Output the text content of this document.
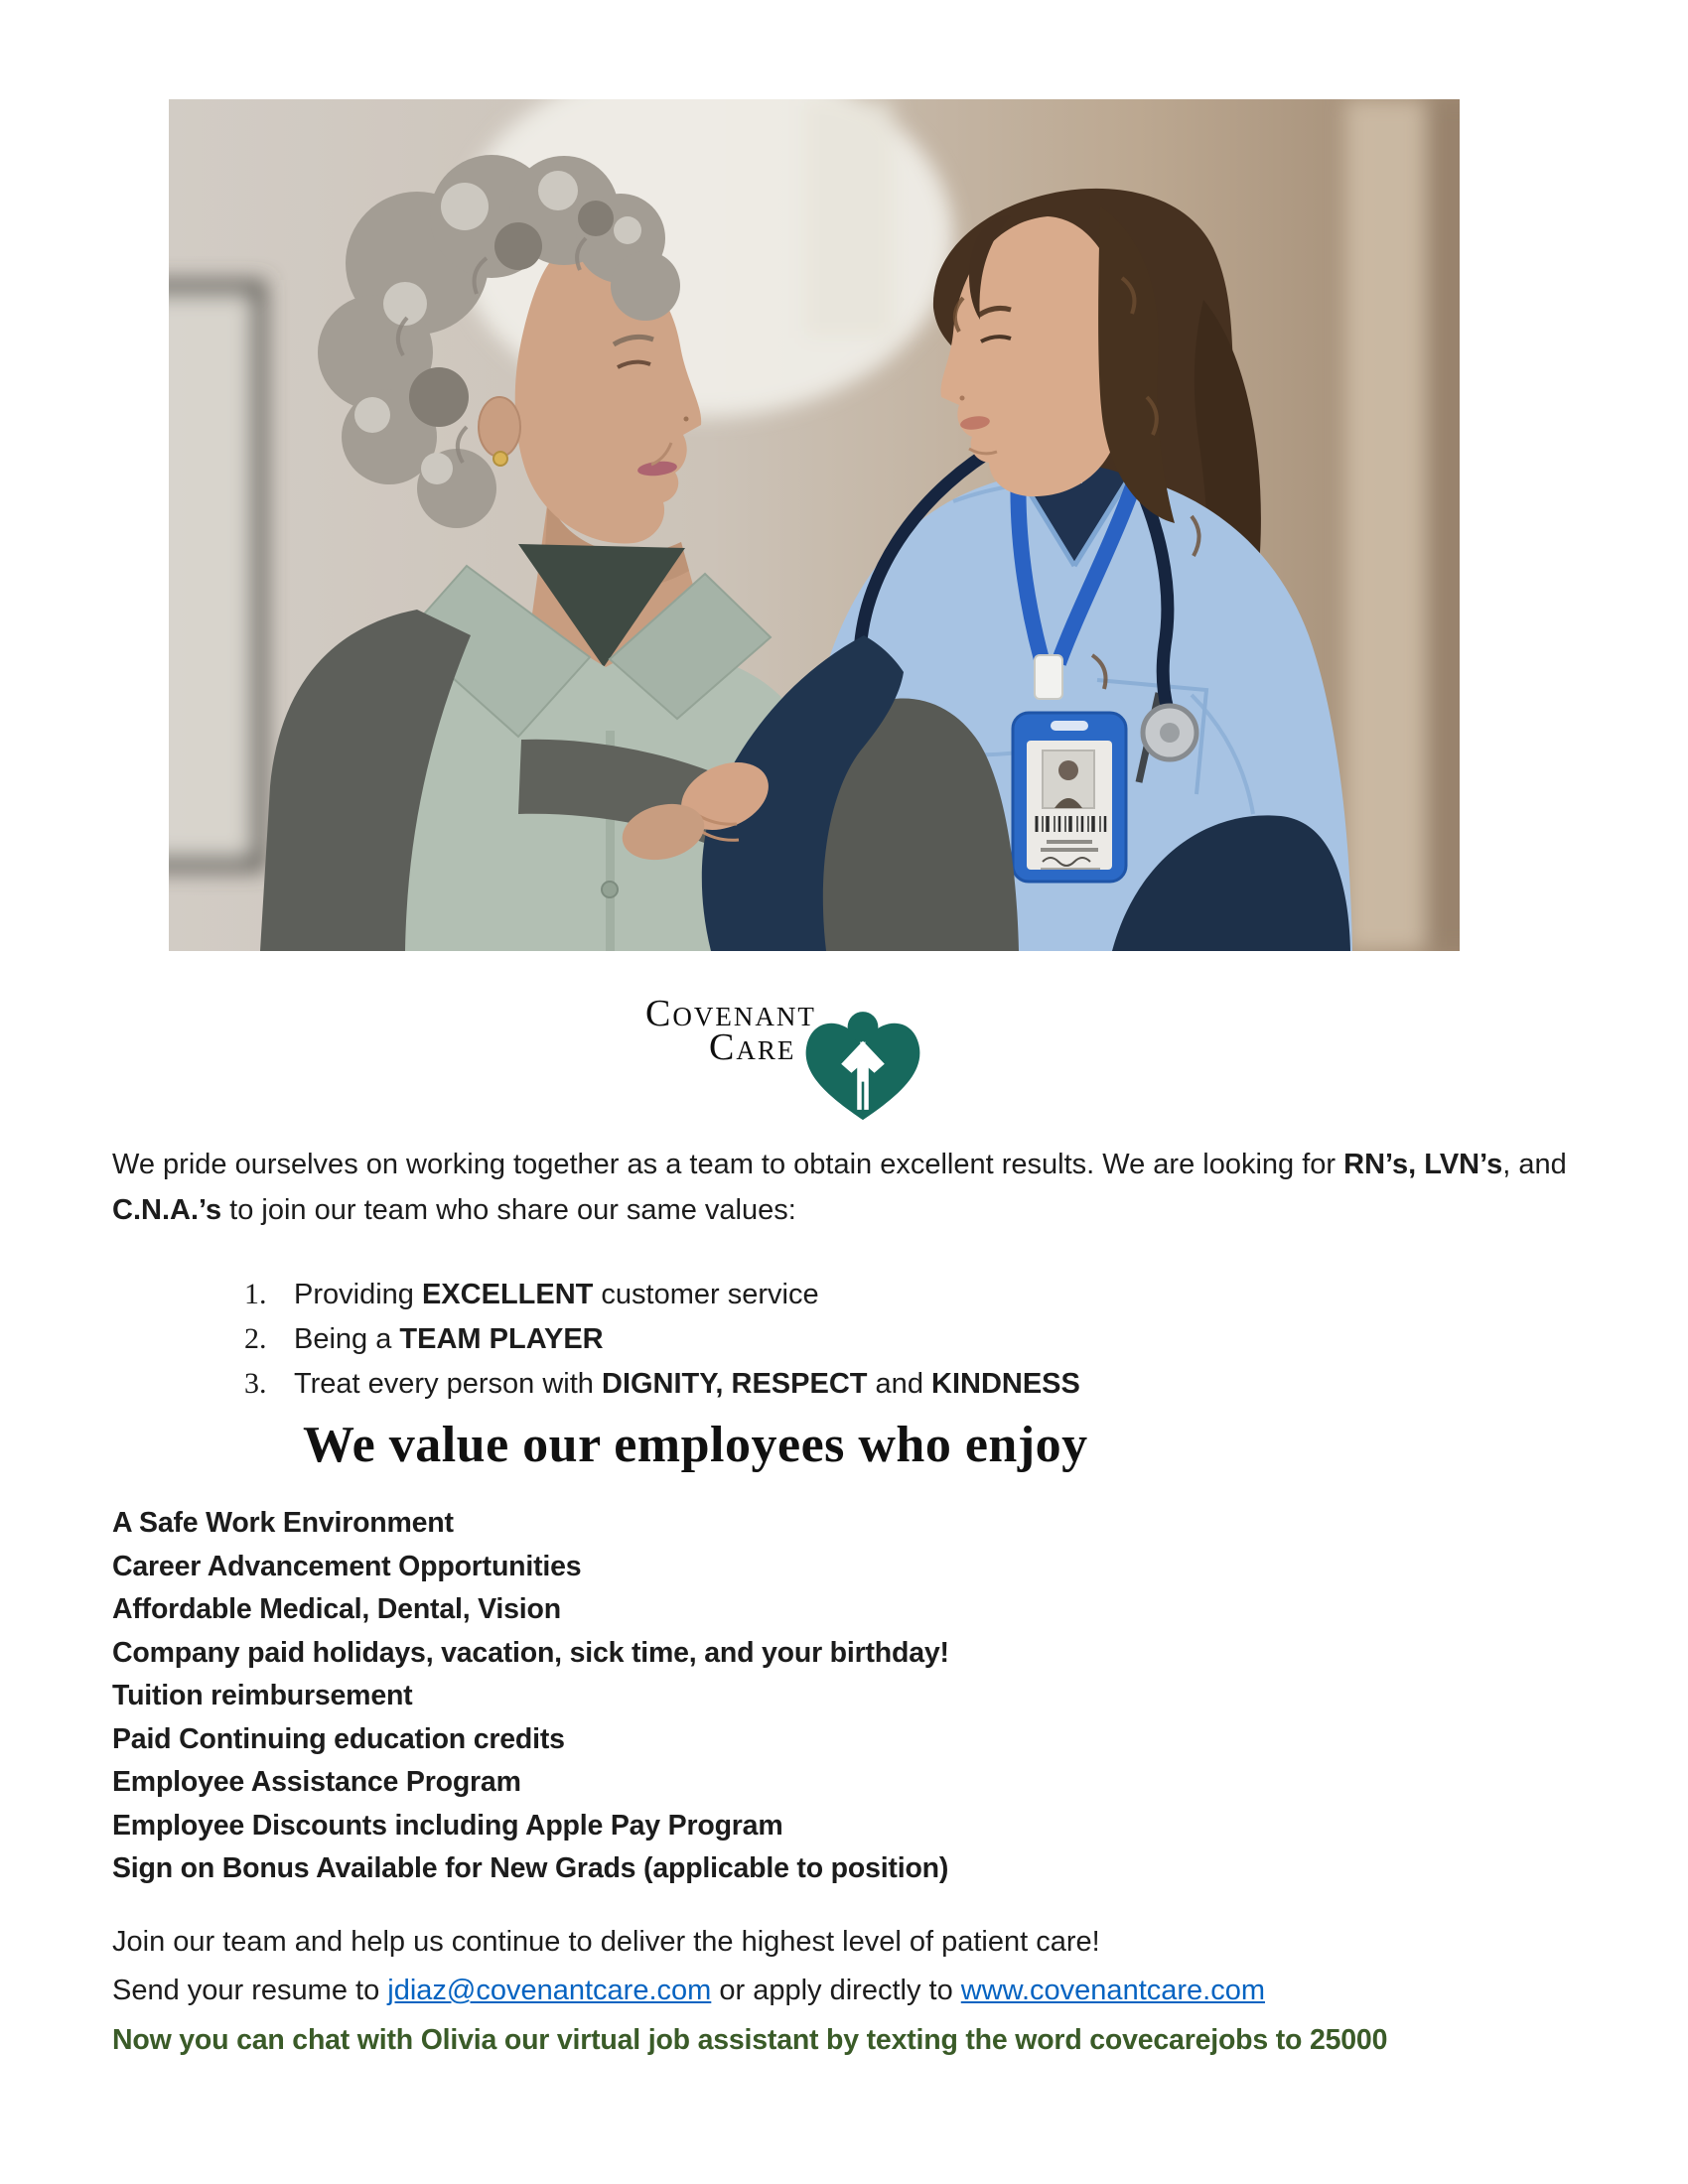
COVENANT
CARE
We pride ourselves on working together as a team to obtain excellent results. We are looking for RN’s, LVN’s, and C.N.A.’s to join our team who share our same values:
1. Providing EXCELLENT customer service
2. Being a TEAM PLAYER
3. Treat every person with DIGNITY, RESPECT and KINDNESS
We value our employees who enjoy
A Safe Work Environment
Career Advancement Opportunities
Affordable Medical, Dental, Vision
Company paid holidays, vacation, sick time, and your birthday!
Tuition reimbursement
Paid Continuing education credits
Employee Assistance Program
Employee Discounts including Apple Pay Program
Sign on Bonus Available for New Grads (applicable to position)
Join our team and help us continue to deliver the highest level of patient care!
Send your resume to jdiaz@covenantcare.com or apply directly to www.covenantcare.com
Now you can chat with Olivia our virtual job assistant by texting the word covecarejobs to 25000
